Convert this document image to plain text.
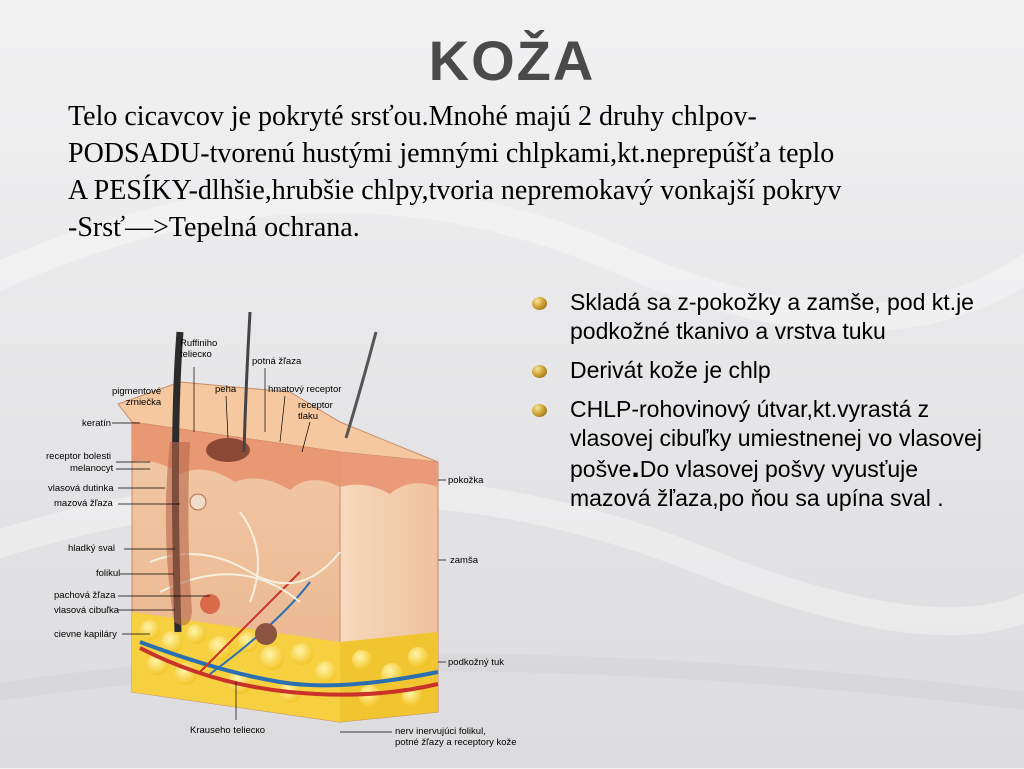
KOŽA
Telo cicavcov je pokryté srsťou.Mnohé majú 2 druhy chlpov-
PODSADU-tvorenú hustými jemnými chlpkami,kt.neprepúšťa teplo
A PESÍKY-dlhšie,hrubšie chlpy,tvoria nepremokavý vonkajší pokryv
-Srsť—>Tepelná ochrana.
Ruffiniho
telieско
potná žľaza
pigmentové
zrniečka
peha	hmatový receptor
receptor
tlaku
keratín
receptor bolesti
melanocyt
vlasová dutinka
mazová žľaza
pokožka
hladký sval
zamša
folikul
pachová žľaza
vlasová cibuľka
cievne kapiláry
podkožný tuk
Krauseho telieско	nerv inervujúci folikul,
potné žľazy a receptory kože
Skladá sa z-pokožky a zamše, pod kt.je podkožné tkanivo a vrstva tuku
Derivát kože je chlp
CHLP-rohovinový útvar,kt.vyrastá z vlasovej cibuľky umiestnenej vo vlasovej pošve.Do vlasovej pošvy vyusťuje mazová žľaza,po ňou sa upína sval .
